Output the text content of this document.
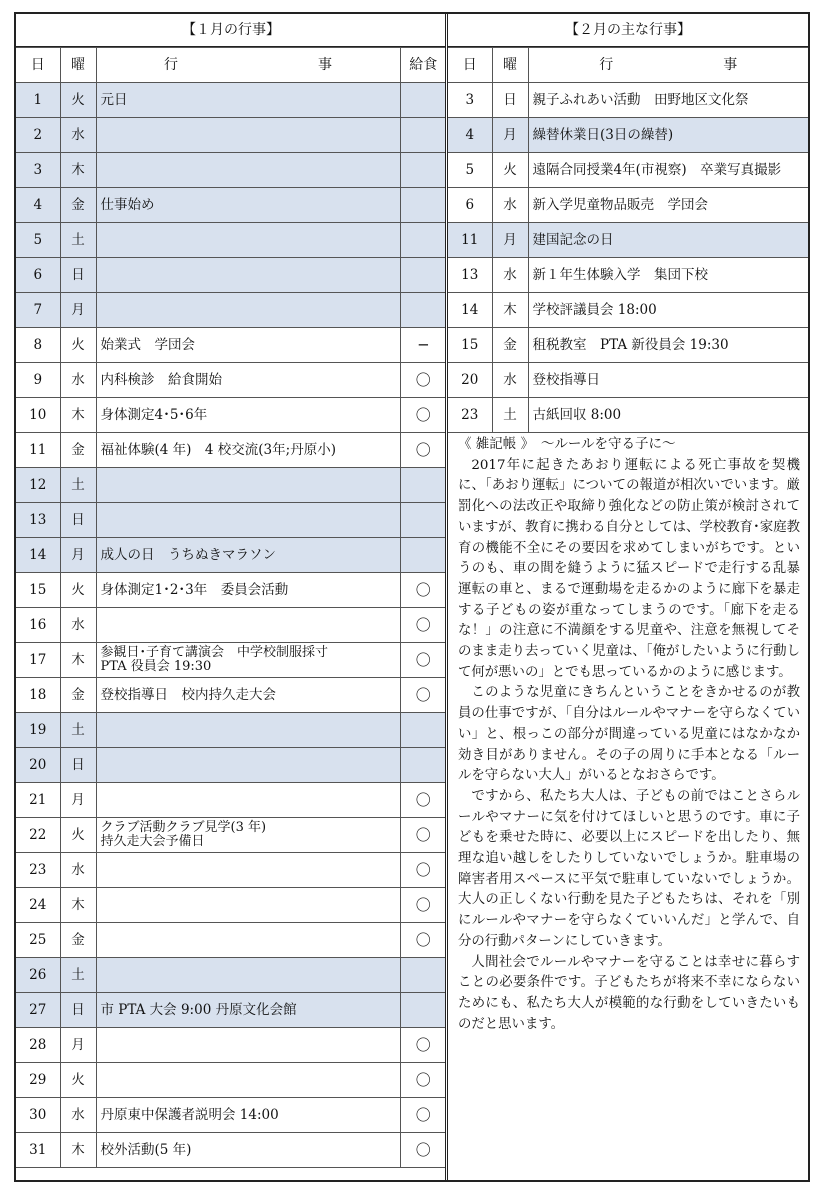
【１月の行事】
日	曜	行 事	給食
1	火	元日	

2	水	

3	木	

4	金	仕事始め	

5	土	

6	日	

7	月	

8	火	始業式　学団会	─
9	水	内科検診　給食開始	〇
10	木	身体測定4･5･6年	〇
11	金	福祉体験(4 年)　4 校交流(3年;丹原小)	〇
12	土	

13	日	

14	月	成人の日　うちぬきマラソン	

15	火	身体測定1･2･3年　委員会活動	〇
16	水		〇
17	木	参観日･子育て講演会　中学校制服採寸
PTA 役員会 19:30	〇
18	金	登校指導日　校内持久走大会	〇
19	土	

20	日	

21	月		〇
22	火	クラブ活動クラブ見学(3 年)
持久走大会予備日	〇
23	水		〇
24	木		〇
25	金		〇
26	土	

27	日	市 PTA 大会 9:00 丹原文化会館	

28	月		〇
29	火		〇
30	水	丹原東中保護者説明会 14:00	〇
31	木	校外活動(5 年)	〇
【２月の主な行事】
日	曜	行 事
3	日	親子ふれあい活動　田野地区文化祭
4	月	繰替休業日(3日の繰替)
5	火	遠隔合同授業4年(市視察)　卒業写真撮影
6	水	新入学児童物品販売　学団会
11	月	建国記念の日
13	水	新１年生体験入学　集団下校
14	木	学校評議員会 18:00
15	金	租税教室　PTA 新役員会 19:30
20	水	登校指導日
23	土	古紙回収 8:00
《 雑記帳 》　～ルールを守る子に～

2017年に起きたあおり運転による死亡事故を契機に、「あおり運転」についての報道が相次いでいます。厳罰化への法改正や取締り強化などの防止策が検討されていますが、教育に携わる自分としては、学校教育･家庭教育の機能不全にその要因を求めてしまいがちです。というのも、車の間を縫うように猛スピードで走行する乱暴運転の車と、まるで運動場を走るかのように廊下を暴走する子どもの姿が重なってしまうのです。「廊下を走るな！」の注意に不満顔をする児童や、注意を無視してそのまま走り去っていく児童は、「俺がしたいように行動して何が悪いの」とでも思っているかのように感じます。

このような児童にきちんということをきかせるのが教員の仕事ですが、「自分はルールやマナーを守らなくていい」と、根っこの部分が間違っている児童にはなかなか効き目がありません。その子の周りに手本となる「ルールを守らない大人」がいるとなおさらです。

ですから、私たち大人は、子どもの前ではことさらルールやマナーに気を付けてほしいと思うのです。車に子どもを乗せた時に、必要以上にスピードを出したり、無理な追い越しをしたりしていないでしょうか。駐車場の障害者用スペースに平気で駐車していないでしょうか。大人の正しくない行動を見た子どもたちは、それを「別にルールやマナーを守らなくていいんだ」と学んで、自分の行動パターンにしていきます。

人間社会でルールやマナーを守ることは幸せに暮らすことの必要条件です。子どもたちが将来不幸にならないためにも、私たち大人が模範的な行動をしていきたいものだと思います。
